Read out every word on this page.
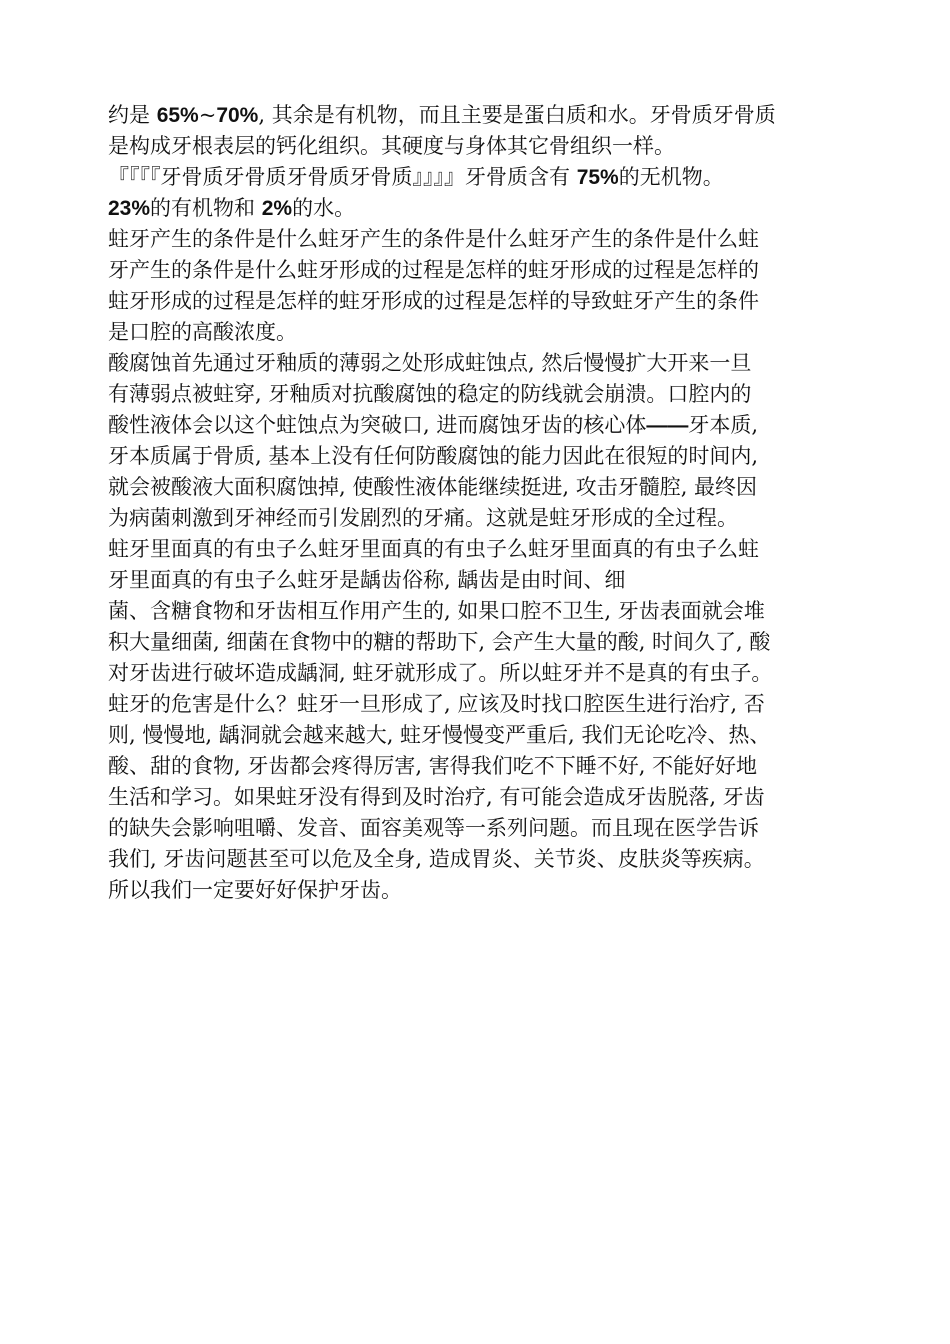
约是 65%~70%, 其余是有机物，而且主要是蛋白质和水。牙骨质牙骨质
是构成牙根表层的钙化组织。其硬度与身体其它骨组织一样。
『『『『牙骨质牙骨质牙骨质牙骨质』』』』牙骨质含有 75%的无机物。
23%的有机物和 2%的水。
蛀牙产生的条件是什么蛀牙产生的条件是什么蛀牙产生的条件是什么蛀
牙产生的条件是什么蛀牙形成的过程是怎样的蛀牙形成的过程是怎样的
蛀牙形成的过程是怎样的蛀牙形成的过程是怎样的导致蛀牙产生的条件
是口腔的高酸浓度。
酸腐蚀首先通过牙釉质的薄弱之处形成蛀蚀点, 然后慢慢扩大开来一旦
有薄弱点被蛀穿, 牙釉质对抗酸腐蚀的稳定的防线就会崩溃。口腔内的
酸性液体会以这个蛀蚀点为突破口, 进而腐蚀牙齿的核心体——牙本质,
牙本质属于骨质, 基本上没有任何防酸腐蚀的能力因此在很短的时间内,
就会被酸液大面积腐蚀掉, 使酸性液体能继续挺进, 攻击牙髓腔, 最终因
为病菌刺激到牙神经而引发剧烈的牙痛。这就是蛀牙形成的全过程。
蛀牙里面真的有虫子么蛀牙里面真的有虫子么蛀牙里面真的有虫子么蛀
牙里面真的有虫子么蛀牙是龋齿俗称, 龋齿是由时间、细
菌、含糖食物和牙齿相互作用产生的, 如果口腔不卫生, 牙齿表面就会堆
积大量细菌, 细菌在食物中的糖的帮助下, 会产生大量的酸, 时间久了, 酸
对牙齿进行破坏造成龋洞, 蛀牙就形成了。所以蛀牙并不是真的有虫子。
蛀牙的危害是什么？蛀牙一旦形成了, 应该及时找口腔医生进行治疗, 否
则, 慢慢地, 龋洞就会越来越大, 蛀牙慢慢变严重后, 我们无论吃冷、热、
酸、甜的食物, 牙齿都会疼得厉害, 害得我们吃不下睡不好, 不能好好地
生活和学习。如果蛀牙没有得到及时治疗, 有可能会造成牙齿脱落, 牙齿
的缺失会影响咀嚼、发音、面容美观等一系列问题。而且现在医学告诉
我们, 牙齿问题甚至可以危及全身, 造成胃炎、关节炎、皮肤炎等疾病。
所以我们一定要好好保护牙齿。
